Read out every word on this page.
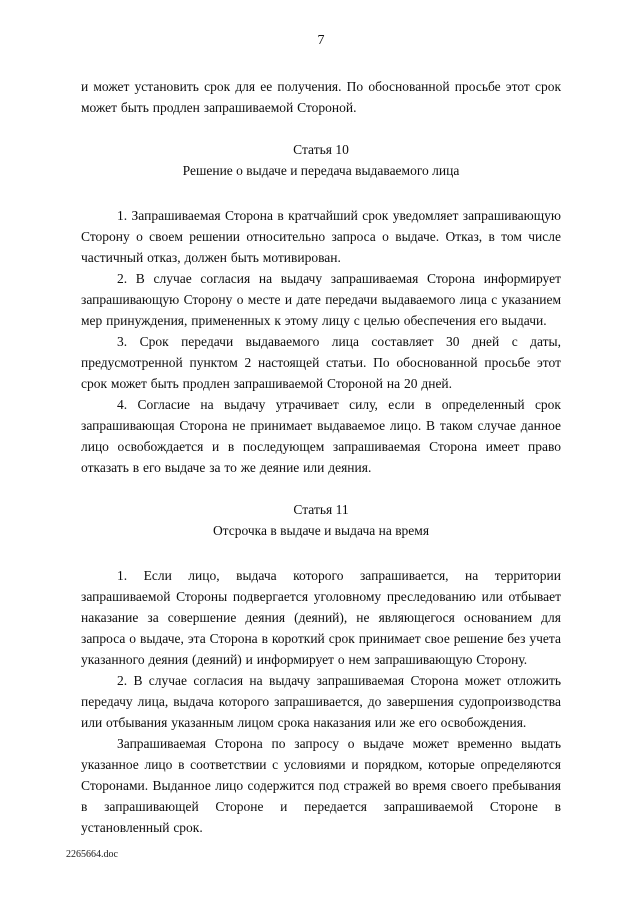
7

и может установить срок для ее получения. По обоснованной просьбе этот срок может быть продлен запрашиваемой Стороной.

Статья 10
Решение о выдаче и передача выдаваемого лица

1. Запрашиваемая Сторона в кратчайший срок уведомляет запрашивающую Сторону о своем решении относительно запроса о выдаче. Отказ, в том числе частичный отказ, должен быть мотивирован.

2. В случае согласия на выдачу запрашиваемая Сторона информирует запрашивающую Сторону о месте и дате передачи выдаваемого лица с указанием мер принуждения, примененных к этому лицу с целью обеспечения его выдачи.

3. Срок передачи выдаваемого лица составляет 30 дней с даты, предусмотренной пунктом 2 настоящей статьи. По обоснованной просьбе этот срок может быть продлен запрашиваемой Стороной на 20 дней.

4. Согласие на выдачу утрачивает силу, если в определенный срок запрашивающая Сторона не принимает выдаваемое лицо. В таком случае данное лицо освобождается и в последующем запрашиваемая Сторона имеет право отказать в его выдаче за то же деяние или деяния.

Статья 11
Отсрочка в выдаче и выдача на время

1. Если лицо, выдача которого запрашивается, на территории запрашиваемой Стороны подвергается уголовному преследованию или отбывает наказание за совершение деяния (деяний), не являющегося основанием для запроса о выдаче, эта Сторона в короткий срок принимает свое решение без учета указанного деяния (деяний) и информирует о нем запрашивающую Сторону.

2. В случае согласия на выдачу запрашиваемая Сторона может отложить передачу лица, выдача которого запрашивается, до завершения судопроизводства или отбывания указанным лицом срока наказания или же его освобождения.

Запрашиваемая Сторона по запросу о выдаче может временно выдать указанное лицо в соответствии с условиями и порядком, которые определяются Сторонами. Выданное лицо содержится под стражей во время своего пребывания в запрашивающей Стороне и передается запрашиваемой Стороне в установленный срок.

2265664.doc
